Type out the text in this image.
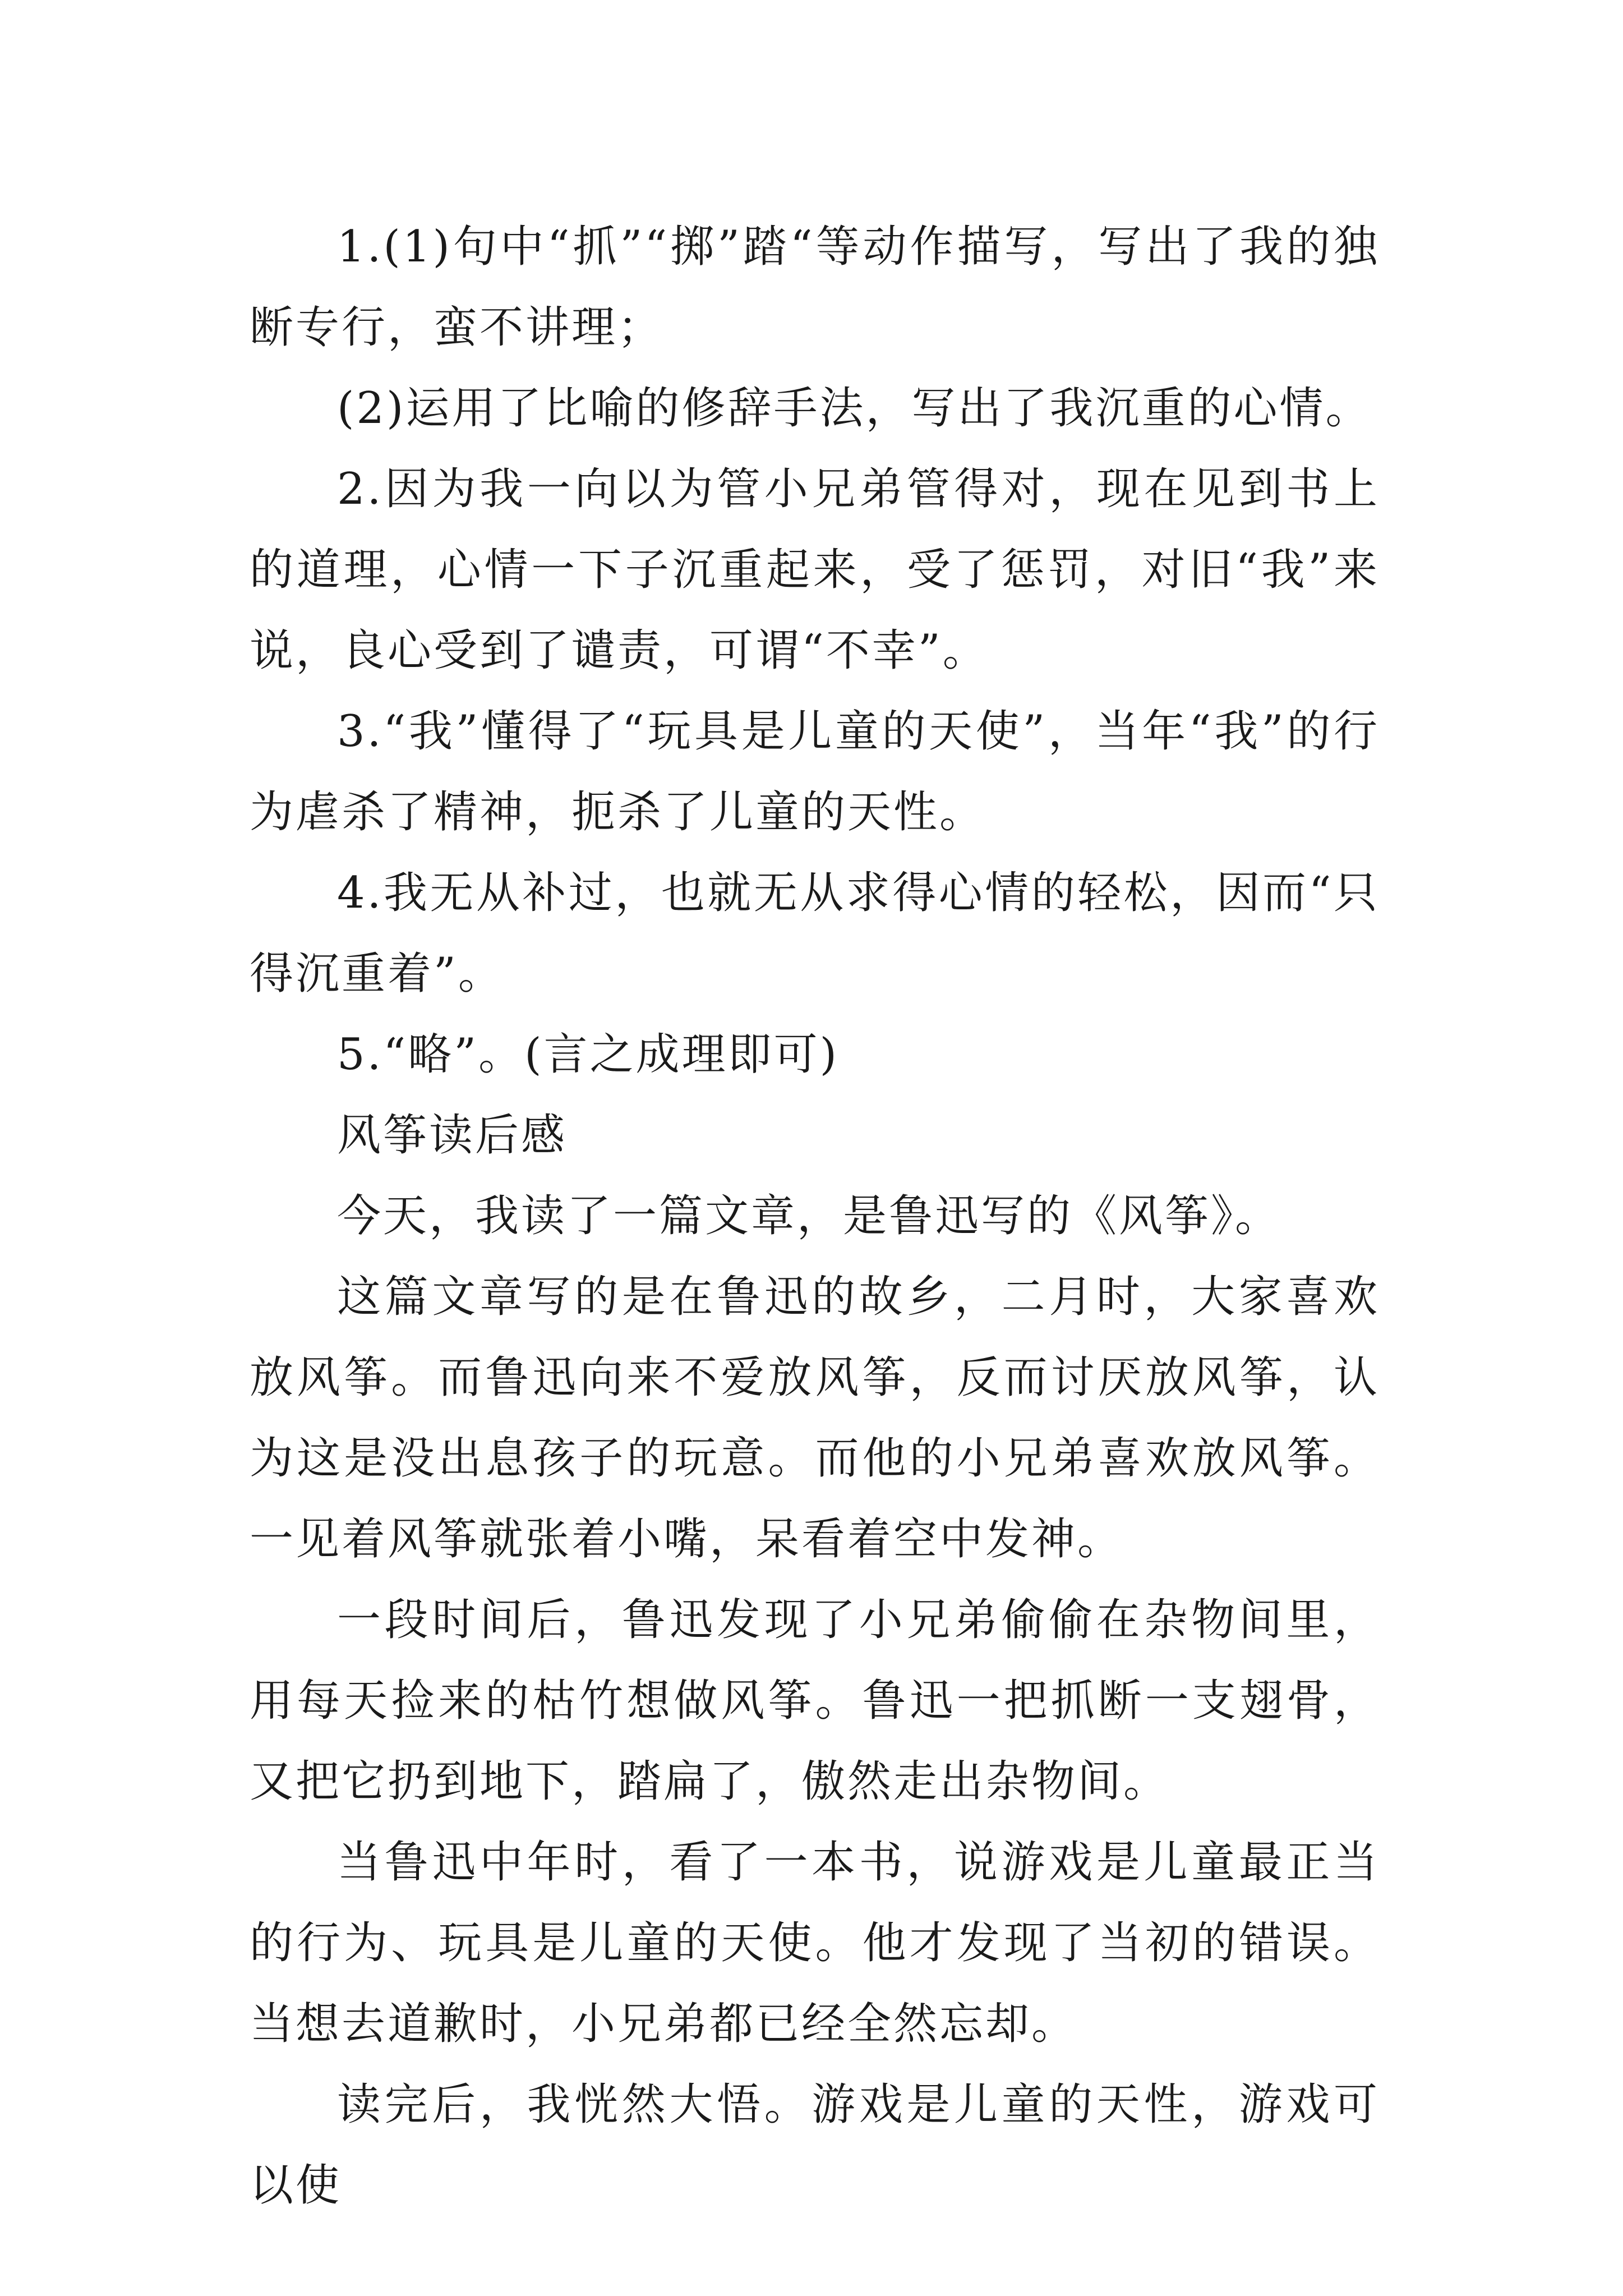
1.(1)句中“抓”“掷”踏“等动作描写，写出了我的独断专行，蛮不讲理；

(2)运用了比喻的修辞手法，写出了我沉重的心情。

2.因为我一向以为管小兄弟管得对，现在见到书上的道理，心情一下子沉重起来，受了惩罚，对旧“我”来说，良心受到了谴责，可谓“不幸”。

3.“我”懂得了“玩具是儿童的天使”，当年“我”的行为虐杀了精神，扼杀了儿童的天性。

4.我无从补过，也就无从求得心情的轻松，因而“只得沉重着”。

5.“略”。(言之成理即可)

风筝读后感

今天，我读了一篇文章，是鲁迅写的《风筝》。

这篇文章写的是在鲁迅的故乡，二月时，大家喜欢放风筝。而鲁迅向来不爱放风筝，反而讨厌放风筝，认为这是没出息孩子的玩意。而他的小兄弟喜欢放风筝。一见着风筝就张着小嘴，呆看着空中发神。

一段时间后，鲁迅发现了小兄弟偷偷在杂物间里，用每天捡来的枯竹想做风筝。鲁迅一把抓断一支翅骨，又把它扔到地下，踏扁了，傲然走出杂物间。

当鲁迅中年时，看了一本书，说游戏是儿童最正当的行为、玩具是儿童的天使。他才发现了当初的错误。当想去道歉时，小兄弟都已经全然忘却。

读完后，我恍然大悟。游戏是儿童的天性，游戏可以使
